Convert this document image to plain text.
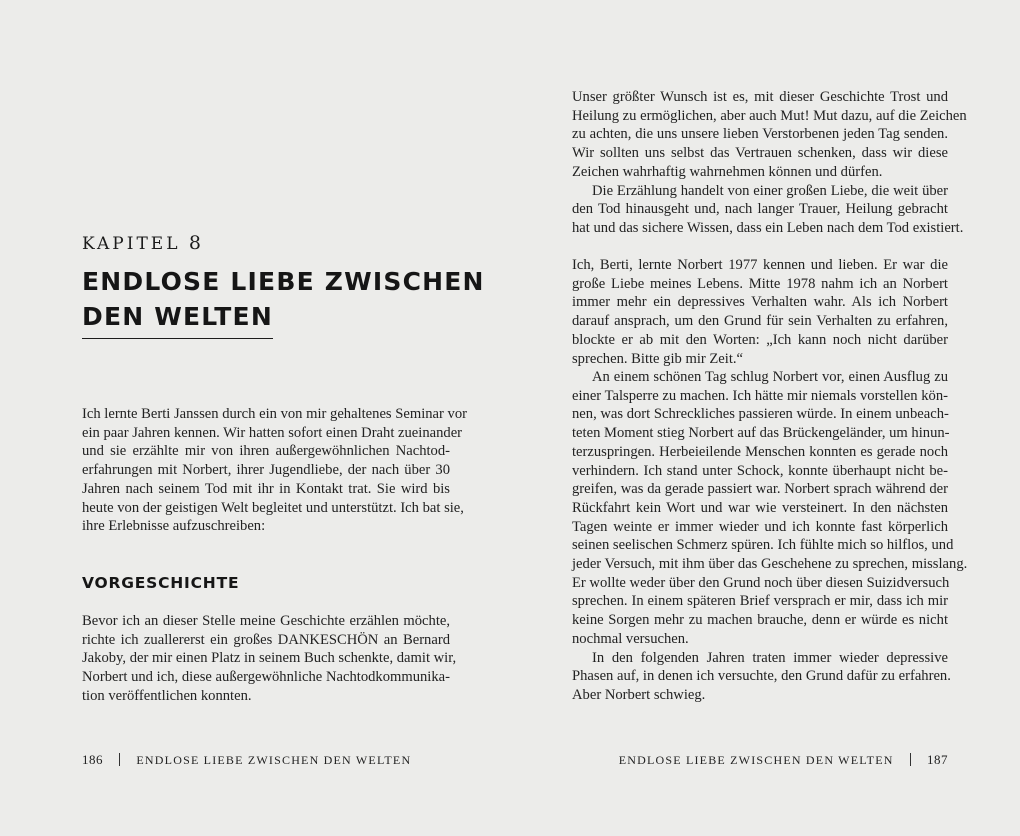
KAPITEL 8
ENDLOSE LIEBE ZWISCHEN
DEN WELTEN
Ich lernte Berti Janssen durch ein von mir gehaltenes Seminar vor
ein paar Jahren kennen. Wir hatten sofort einen Draht zueinander
und sie erzählte mir von ihren außergewöhnlichen Nachtod-
erfahrungen mit Norbert, ihrer Jugendliebe, der nach über 30
Jahren nach seinem Tod mit ihr in Kontakt trat. Sie wird bis
heute von der geistigen Welt begleitet und unterstützt. Ich bat sie,
ihre Erlebnisse aufzuschreiben:
VORGESCHICHTE
Bevor ich an dieser Stelle meine Geschichte erzählen möchte,
richte ich zuallererst ein großes DANKESCHÖN an Bernard
Jakoby, der mir einen Platz in seinem Buch schenkte, damit wir,
Norbert und ich, diese außergewöhnliche Nachtodkommunika-
tion veröffentlichen konnten.
186	ENDLOSE LIEBE ZWISCHEN DEN WELTEN
Unser größter Wunsch ist es, mit dieser Geschichte Trost und
Heilung zu ermöglichen, aber auch Mut! Mut dazu, auf die Zeichen
zu achten, die uns unsere lieben Verstorbenen jeden Tag senden.
Wir sollten uns selbst das Vertrauen schenken, dass wir diese
Zeichen wahrhaftig wahrnehmen können und dürfen.
Die Erzählung handelt von einer großen Liebe, die weit über
den Tod hinausgeht und, nach langer Trauer, Heilung gebracht
hat und das sichere Wissen, dass ein Leben nach dem Tod existiert.
Ich, Berti, lernte Norbert 1977 kennen und lieben. Er war die
große Liebe meines Lebens. Mitte 1978 nahm ich an Norbert
immer mehr ein depressives Verhalten wahr. Als ich Norbert
darauf ansprach, um den Grund für sein Verhalten zu erfahren,
blockte er ab mit den Worten: „Ich kann noch nicht darüber
sprechen. Bitte gib mir Zeit.“
An einem schönen Tag schlug Norbert vor, einen Ausflug zu
einer Talsperre zu machen. Ich hätte mir niemals vorstellen kön-
nen, was dort Schreckliches passieren würde. In einem unbeach-
teten Moment stieg Norbert auf das Brückengeländer, um hinun-
terzuspringen. Herbeieilende Menschen konnten es gerade noch
verhindern. Ich stand unter Schock, konnte überhaupt nicht be-
greifen, was da gerade passiert war. Norbert sprach während der
Rückfahrt kein Wort und war wie versteinert. In den nächsten
Tagen weinte er immer wieder und ich konnte fast körperlich
seinen seelischen Schmerz spüren. Ich fühlte mich so hilflos, und
jeder Versuch, mit ihm über das Geschehene zu sprechen, misslang.
Er wollte weder über den Grund noch über diesen Suizidversuch
sprechen. In einem späteren Brief versprach er mir, dass ich mir
keine Sorgen mehr zu machen brauche, denn er würde es nicht
nochmal versuchen.
In den folgenden Jahren traten immer wieder depressive
Phasen auf, in denen ich versuchte, den Grund dafür zu erfahren.
Aber Norbert schwieg.
ENDLOSE LIEBE ZWISCHEN DEN WELTEN	187
